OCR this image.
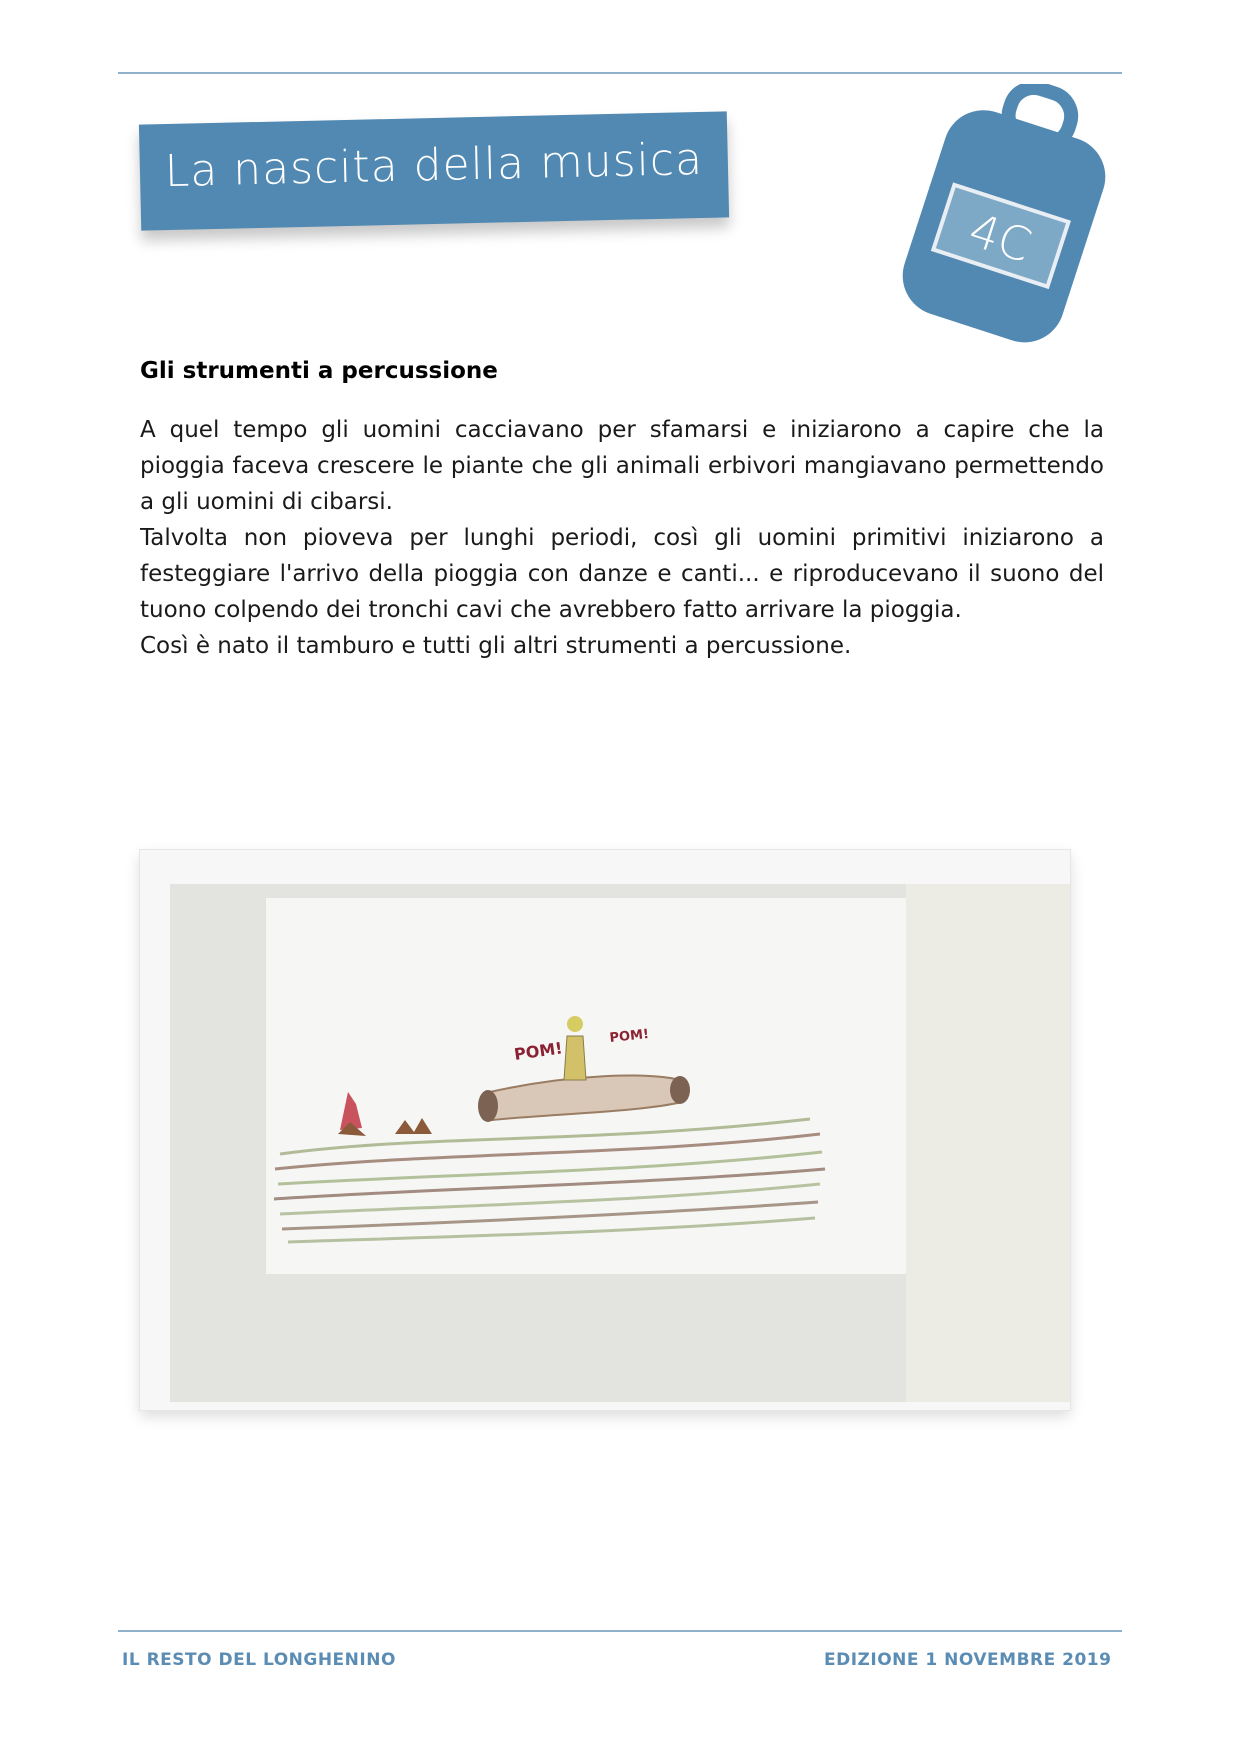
La nascita della musica
4C
Gli strumenti a percussione

A quel tempo gli uomini cacciavano per sfamarsi e iniziarono a capire che la pioggia faceva crescere le piante che gli animali erbivori mangiavano permettendo a gli uomini di cibarsi.

Talvolta non pioveva per lunghi periodi, così gli uomini primitivi iniziarono a festeggiare l'arrivo della pioggia con danze e canti... e riproducevano il suono del tuono colpendo dei tronchi cavi che avrebbero fatto arrivare la pioggia.

Così è nato il tamburo e tutti gli altri strumenti a percussione.

POM!
POM!
IL RESTO DEL LONGHENINO	EDIZIONE 1 NOVEMBRE 2019
